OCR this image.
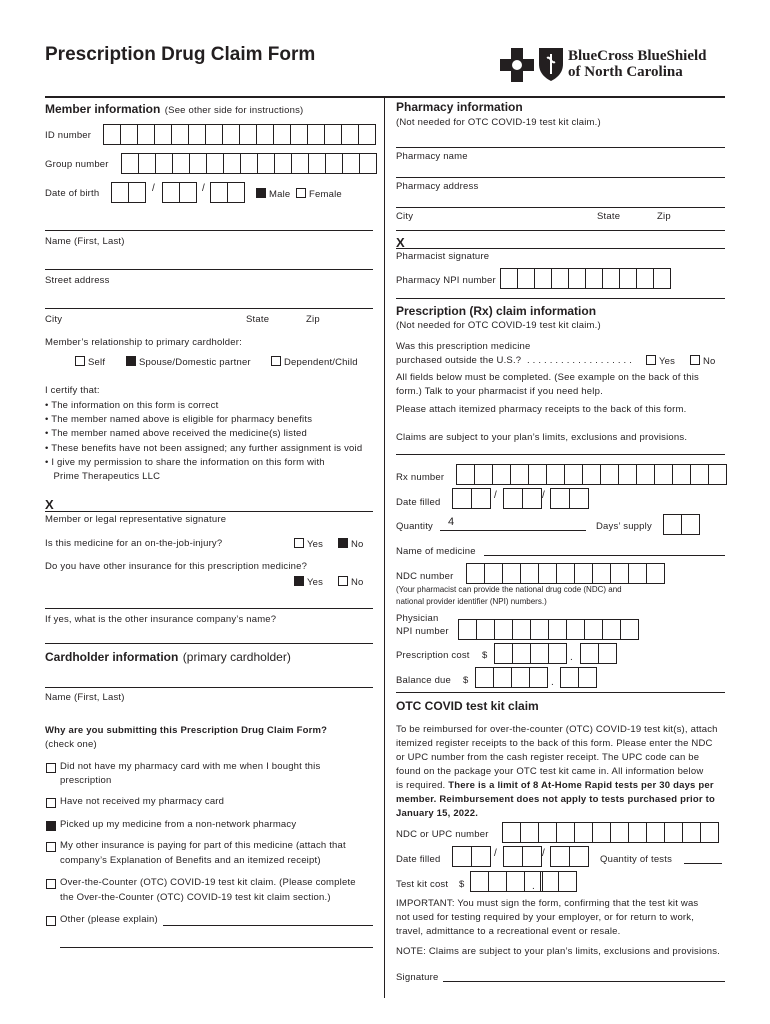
Prescription Drug Claim Form	BlueCross BlueShield
of North Carolina
Member information (See other side for instructions)
ID number
Group number
Date of birth	/	/
Male	Female
Name (First, Last)
Street address
City	State	Zip
Member’s relationship to primary cardholder:
Self	Spouse/Domestic partner	Dependent/Child
I certify that:
• The information on this form is correct
• The member named above is eligible for pharmacy benefits
• The member named above received the medicine(s) listed
• These benefits have not been assigned; any further assignment is void
• I give my permission to share the information on this form with
Prime Therapeutics LLC
X
Member or legal representative signature
Is this medicine for an on-the-job-injury?	Yes	No
Do you have other insurance for this prescription medicine?
Yes	No
If yes, what is the other insurance company’s name?
Cardholder information (primary cardholder)
Name (First, Last)
Why are you submitting this Prescription Drug Claim Form?
(check one)
Did not have my pharmacy card with me when I bought this
prescription
Have not received my pharmacy card
Picked up my medicine from a non-network pharmacy
My other insurance is paying for part of this medicine (attach that
company’s Explanation of Benefits and an itemized receipt)
Over-the-Counter (OTC) COVID-19 test kit claim. (Please complete
the Over-the-Counter (OTC) COVID-19 test kit claim section.)
Other (please explain)
Pharmacy information
(Not needed for OTC COVID-19 test kit claim.)
Pharmacy name
Pharmacy address
City	State	Zip
X
Pharmacist signature
Pharmacy NPI number
Prescription (Rx) claim information
(Not needed for OTC COVID-19 test kit claim.)
Was this prescription medicine
purchased outside the U.S.? . . . . . . . . . . . . . . . . . . .	Yes	No
All fields below must be completed. (See example on the back of this
form.) Talk to your pharmacist if you need help.
Please attach itemized pharmacy receipts to the back of this form.
Claims are subject to your plan’s limits, exclusions and provisions.
Rx number
Date filled
/	/
Quantity 4	Days’ supply
Name of medicine
NDC number
(Your pharmacist can provide the national drug code (NDC) and
national provider identifier (NPI) numbers.)
Physician
NPI number
Prescription cost $	.
Balance due $	.
OTC COVID test kit claim
To be reimbursed for over-the-counter (OTC) COVID-19 test kit(s), attach
itemized register receipts to the back of this form. Please enter the NDC
or UPC number from the cash register receipt. The UPC code can be
found on the package your OTC test kit came in. All information below
is required. There is a limit of 8 At-Home Rapid tests per 30 days per
member. Reimbursement does not apply to tests purchased prior to
January 15, 2022.
NDC or UPC number
Date filled
/	/
Quantity of tests
Test kit cost $	.
IMPORTANT: You must sign the form, confirming that the test kit was
not used for testing required by your employer, or for return to work,
travel, admittance to a recreational event or resale.
NOTE: Claims are subject to your plan’s limits, exclusions and provisions.
Signature
